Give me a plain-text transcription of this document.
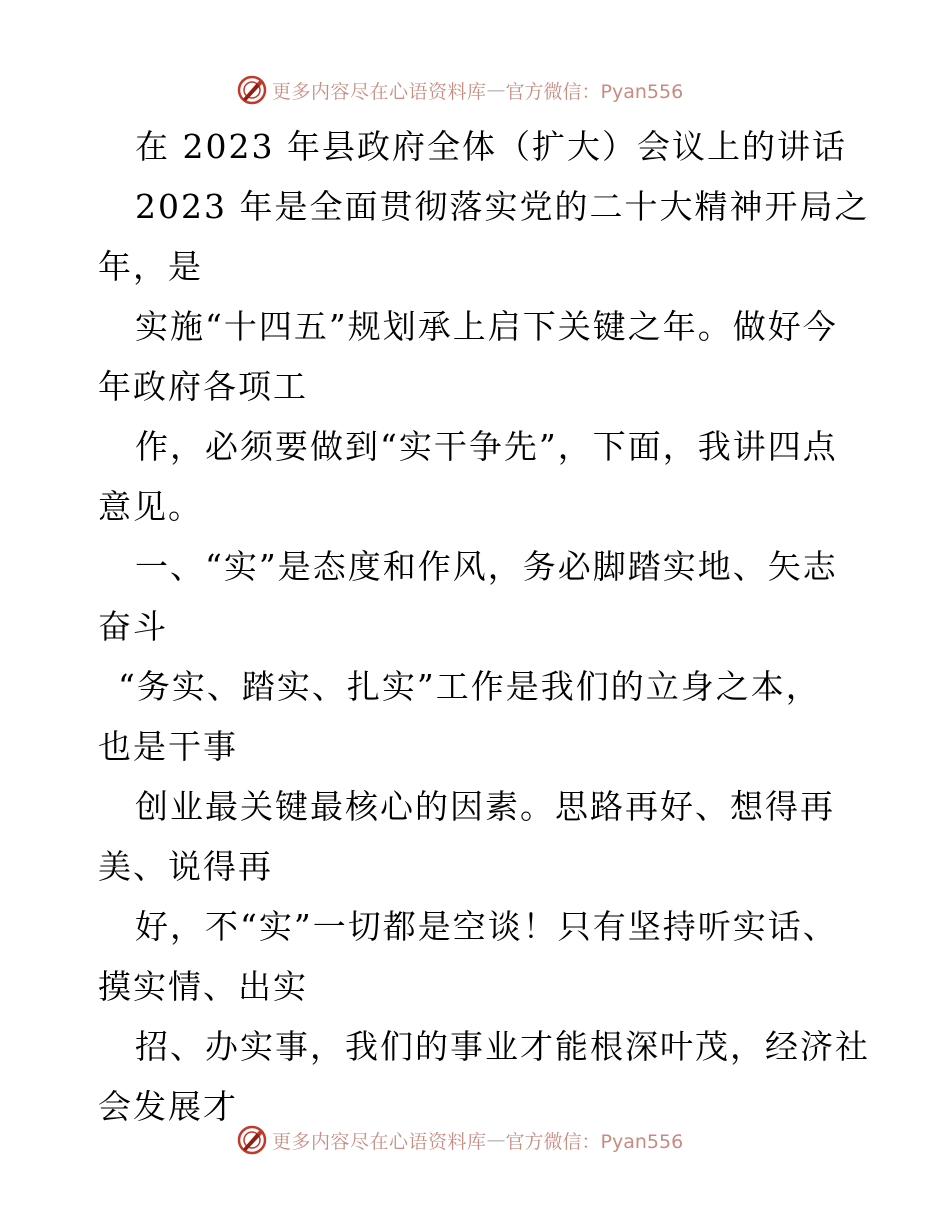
更多内容尽在心语资料库 — 官方微信：Pyan556
在 2023 年县政府全体（扩大）会议上的讲话
2023 年是全面贯彻落实党的二十大精神开局之
年，是
实施“十四五”规划承上启下关键之年。做好今
年政府各项工
作，必须要做到“实干争先”，下面，我讲四点
意见。
一、“实”是态度和作风，务必脚踏实地、矢志
奋斗
“务实、踏实、扎实”工作是我们的立身之本，
也是干事
创业最关键最核心的因素。思路再好、想得再
美、说得再
好，不“实”一切都是空谈！只有坚持听实话、
摸实情、出实
招、办实事，我们的事业才能根深叶茂，经济社
会发展才
更多内容尽在心语资料库 — 官方微信：Pyan556
